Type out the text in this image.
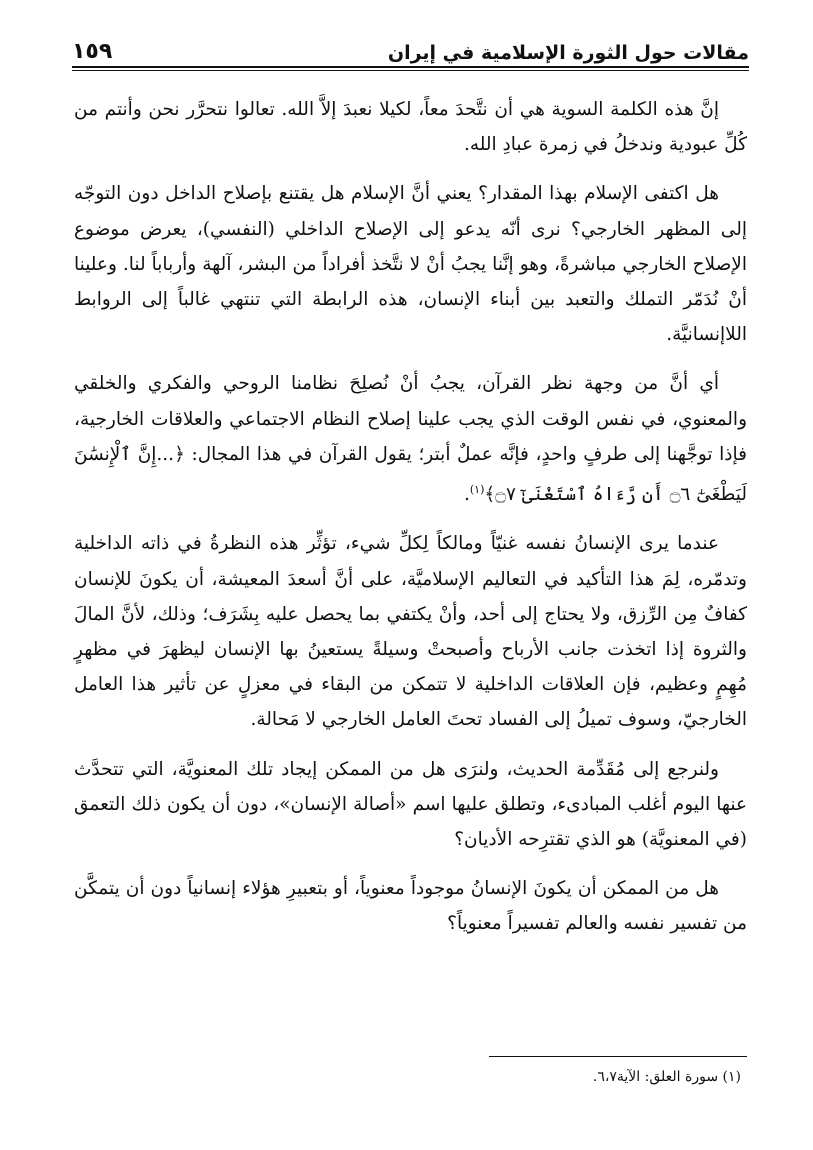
مقالات حول الثورة الإسلامية في إيران
١٥٩

إنَّ هذه الكلمة السوية هي أن نتَّحدَ معاً، لكيلا نعبدَ إلاَّ الله. تعالوا نتحرَّر نحن وأنتم من كُلِّ عبودية وندخلُ في زمرة عبادِ الله.

هل اكتفى الإسلام بهذا المقدار؟ يعني أنَّ الإسلام هل يقتنع بإصلاح الداخل دون التوجّه إلى المظهر الخارجي؟ نرى أنّه يدعو إلى الإصلاح الداخلي (النفسي)، يعرض موضوع الإصلاح الخارجي مباشرةً، وهو إنَّنا يجبُ أنْ لا نتَّخذ أفراداً من البشر، آلهة وأرباباً لنا. وعلينا أنْ نُدَمّر التملك والتعبد بين أبناء الإنسان، هذه الرابطة التي تنتهي غالباً إلى الروابط اللاإنسانيَّة.

أي أنَّ من وجهة نظر القرآن، يجبُ أنْ نُصلِحَ نظامنا الروحي والفكري والخلقي والمعنوي، في نفس الوقت الذي يجب علينا إصلاح النظام الاجتماعي والعلاقات الخارجية، فإذا توجَّهنا إلى طرفٍ واحدٍ، فإنَّه عملٌ أبتر؛ يقول القرآن في هذا المجال: ﴿...إِنَّ ٱلْإِنسَٰنَ لَيَطْغَىٰٓ ۝٦ أَن رَّءَاهُ ٱسْتَغْنَىٰٓ ۝٧﴾$^{(١)}$.

عندما يرى الإنسانُ نفسه غنيّاً ومالكاً لِكلِّ شيء، تؤثِّر هذه النظرةُ في ذاته الداخلية وتدمّره، لِمَ هذا التأكيد في التعاليم الإسلاميَّة، على أنَّ أسعدَ المعيشة، أن يكونَ للإنسان كفافٌ مِن الرِّزق، ولا يحتاج إلى أحد، وأنْ يكتفي بما يحصل عليه بِشَرَف؛ وذلك، لأنَّ المالَ والثروة إذا اتخذت جانب الأرباح وأصبحتْ وسيلةً يستعينُ بها الإنسان ليظهرَ في مظهرٍ مُهِمٍ وعظيم، فإن العلاقات الداخلية لا تتمكن من البقاء في معزلٍ عن تأثير هذا العامل الخارجيّ، وسوف تميلُ إلى الفساد تحتَ العامل الخارجي لا مَحالة.

ولنرجع إلى مُقَدِّمة الحديث، ولنرَى هل من الممكن إيجاد تلك المعنويَّة، التي تتحدَّث عنها اليوم أغلب المبادىء، وتطلق عليها اسم «أصالة الإنسان»، دون أن يكون ذلك التعمق (في المعنويَّة) هو الذي تقترِحه الأديان؟

هل من الممكن أن يكونَ الإنسانُ موجوداً معنوياً، أو بتعبيرِ هؤلاء إنسانياً دون أن يتمكَّن من تفسير نفسه والعالم تفسيراً معنوياً؟

(١) سورة العلق: الآية٦،٧.
